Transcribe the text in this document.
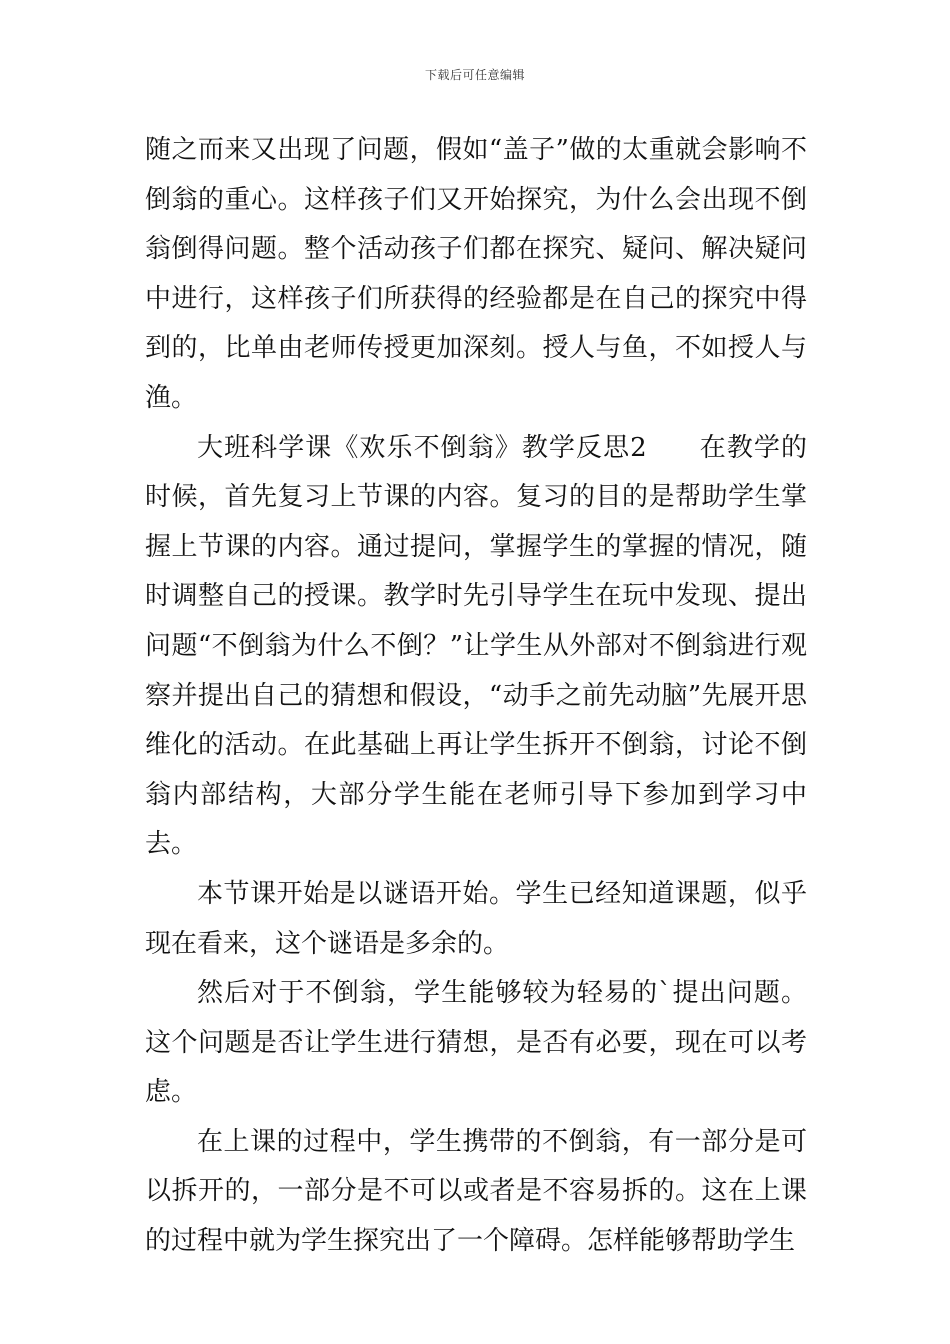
下载后可任意编辑

随之而来又出现了问题，假如“盖子”做的太重就会影响不倒翁的重心。这样孩子们又开始探究，为什么会出现不倒翁倒得问题。整个活动孩子们都在探究、疑问、解决疑问中进行，这样孩子们所获得的经验都是在自己的探究中得到的，比单由老师传授更加深刻。授人与鱼，不如授人与渔。

大班科学课《欢乐不倒翁》教学反思2 在教学的时候，首先复习上节课的内容。复习的目的是帮助学生掌握上节课的内容。通过提问，掌握学生的掌握的情况，随时调整自己的授课。教学时先引导学生在玩中发现、提出问题“不倒翁为什么不倒？”让学生从外部对不倒翁进行观察并提出自己的猜想和假设，“动手之前先动脑”先展开思维化的活动。在此基础上再让学生拆开不倒翁，讨论不倒翁内部结构，大部分学生能在老师引导下参加到学习中去。

本节课开始是以谜语开始。学生已经知道课题，似乎现在看来，这个谜语是多余的。

然后对于不倒翁，学生能够较为轻易的`提出问题。这个问题是否让学生进行猜想，是否有必要，现在可以考虑。

在上课的过程中，学生携带的不倒翁，有一部分是可以拆开的，一部分是不可以或者是不容易拆的。这在上课的过程中就为学生探究出了一个障碍。怎样能够帮助学生
